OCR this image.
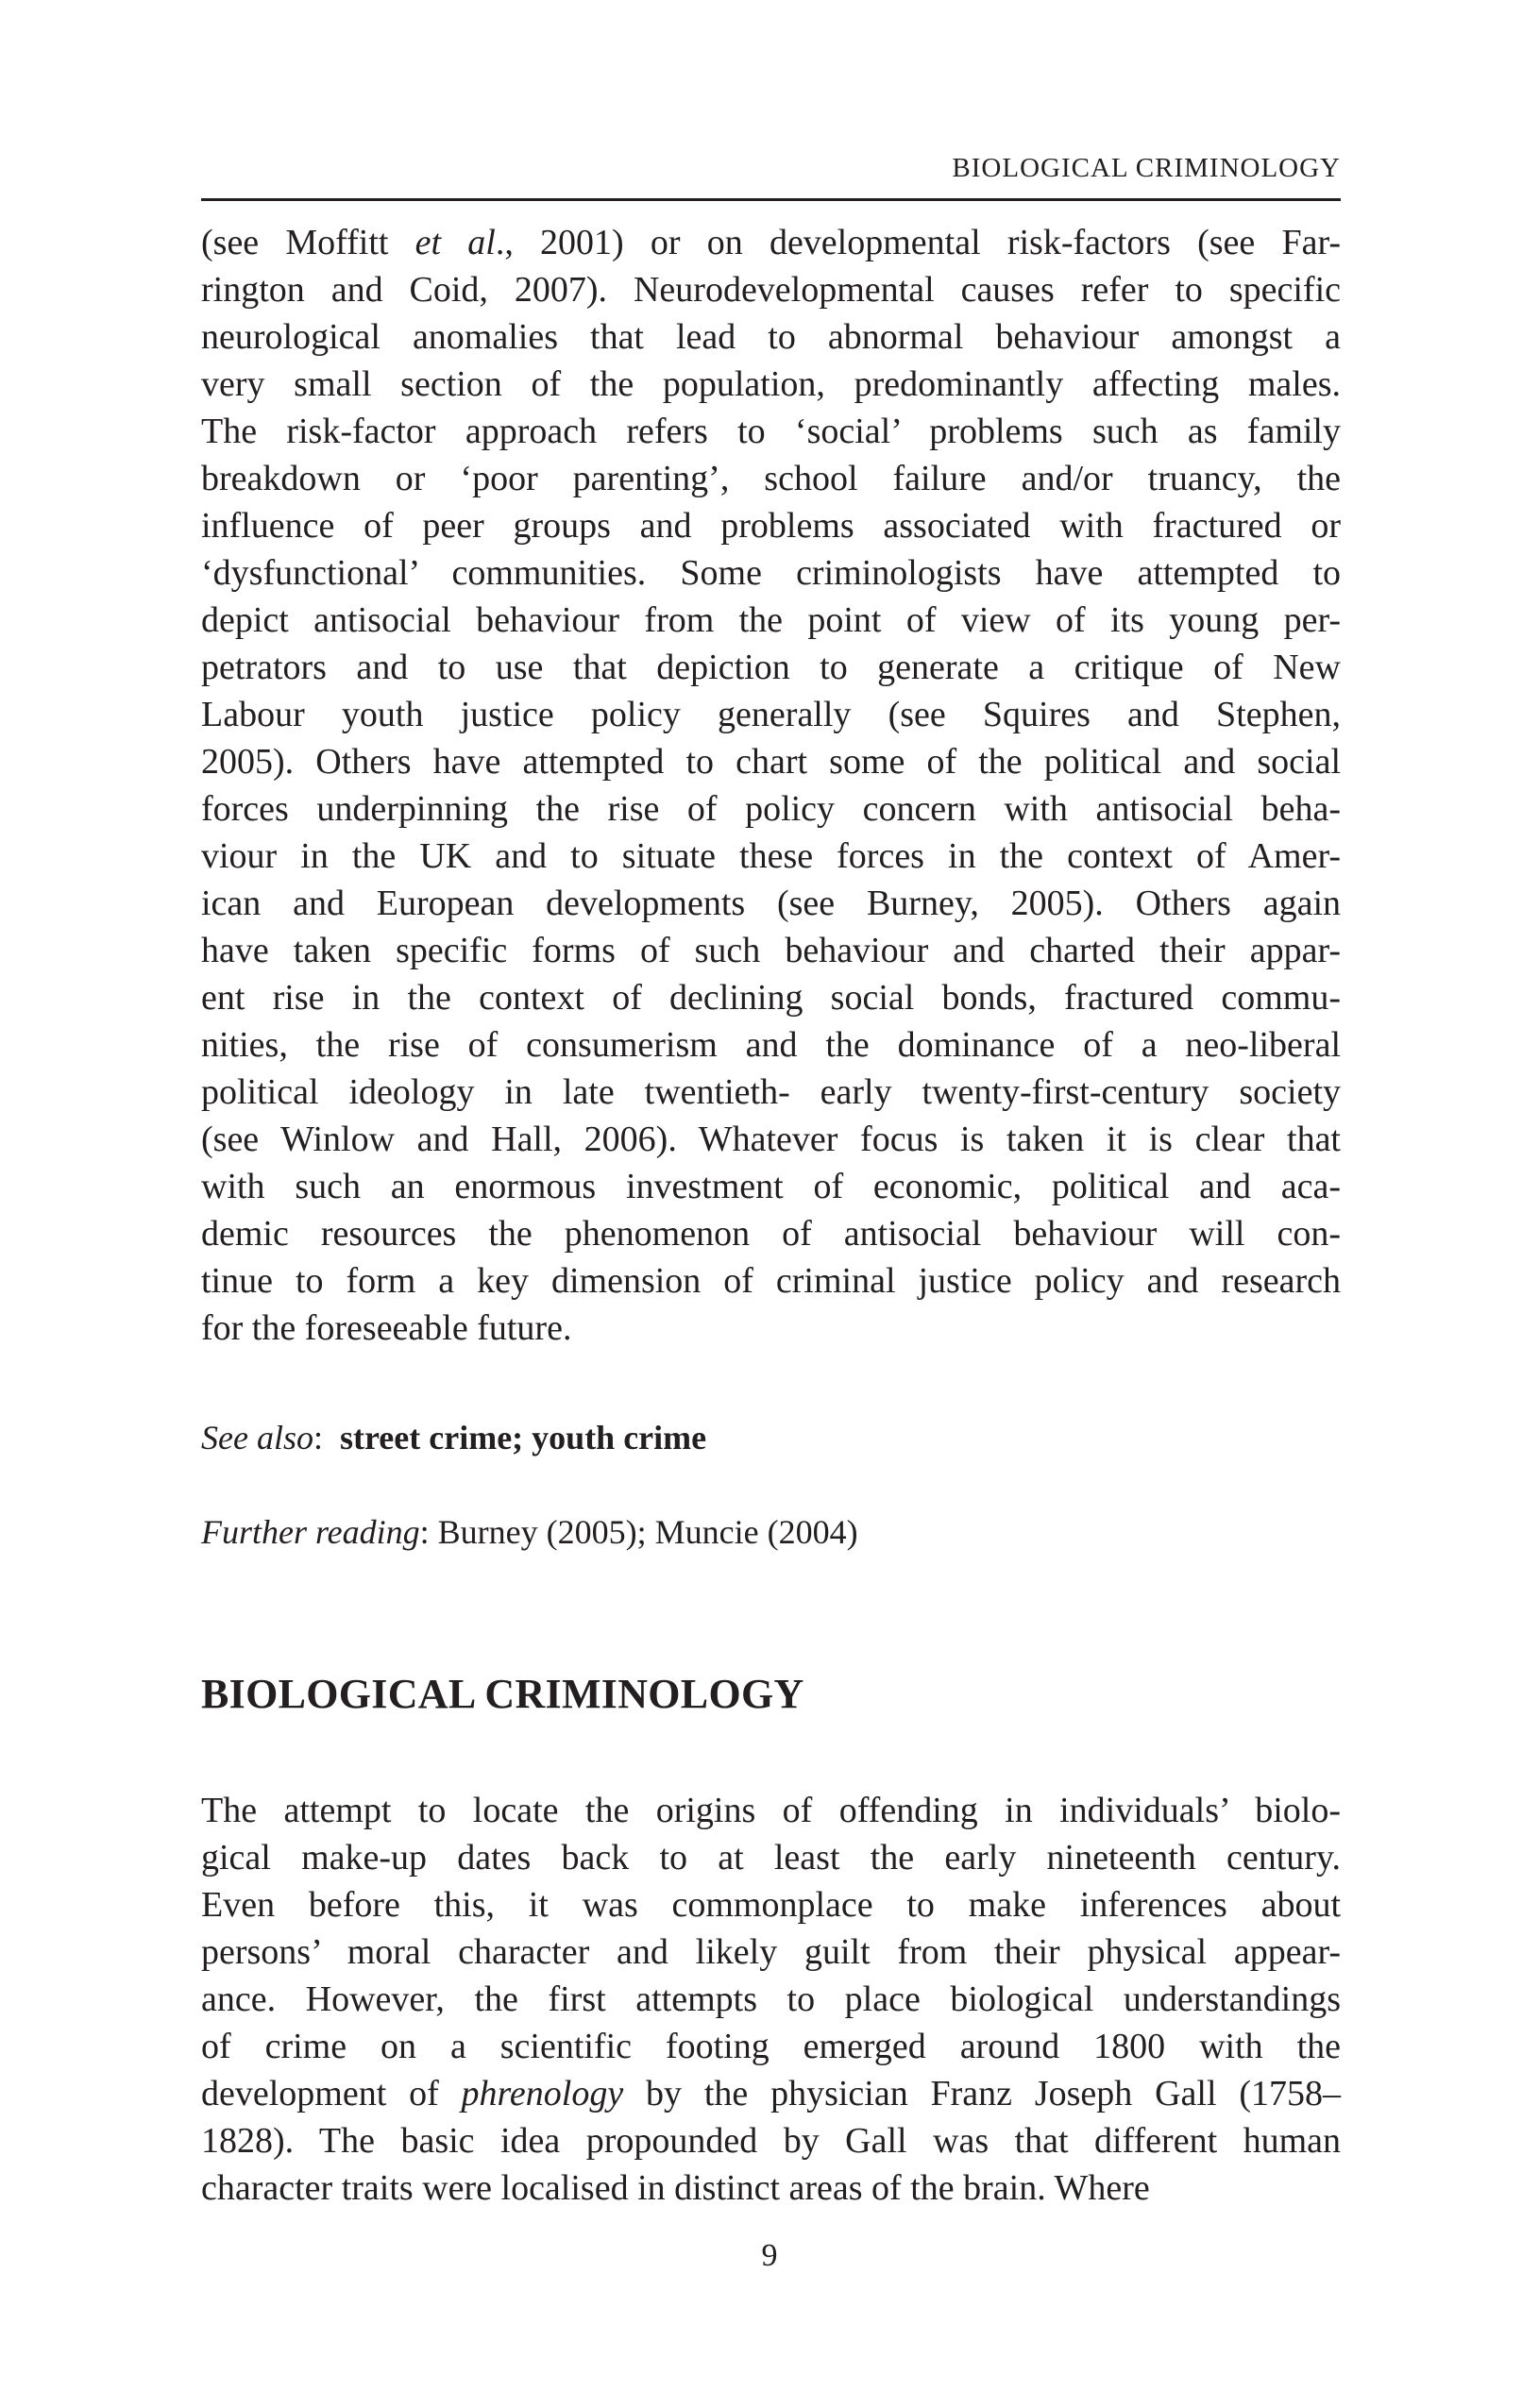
BIOLOGICAL CRIMINOLOGY
(see Moffitt et al., 2001) or on developmental risk-factors (see Far-
rington and Coid, 2007). Neurodevelopmental causes refer to specific
neurological anomalies that lead to abnormal behaviour amongst a
very small section of the population, predominantly affecting males.
The risk-factor approach refers to ‘social’ problems such as family
breakdown or ‘poor parenting’, school failure and/or truancy, the
influence of peer groups and problems associated with fractured or
‘dysfunctional’ communities. Some criminologists have attempted to
depict antisocial behaviour from the point of view of its young per-
petrators and to use that depiction to generate a critique of New
Labour youth justice policy generally (see Squires and Stephen,
2005). Others have attempted to chart some of the political and social
forces underpinning the rise of policy concern with antisocial beha-
viour in the UK and to situate these forces in the context of Amer-
ican and European developments (see Burney, 2005). Others again
have taken specific forms of such behaviour and charted their appar-
ent rise in the context of declining social bonds, fractured commu-
nities, the rise of consumerism and the dominance of a neo-liberal
political ideology in late twentieth- early twenty-first-century society
(see Winlow and Hall, 2006). Whatever focus is taken it is clear that
with such an enormous investment of economic, political and aca-
demic resources the phenomenon of antisocial behaviour will con-
tinue to form a key dimension of criminal justice policy and research
for the foreseeable future.

See also: street crime; youth crime

Further reading: Burney (2005); Muncie (2004)

BIOLOGICAL CRIMINOLOGY
The attempt to locate the origins of offending in individuals’ biolo-
gical make-up dates back to at least the early nineteenth century.
Even before this, it was commonplace to make inferences about
persons’ moral character and likely guilt from their physical appear-
ance. However, the first attempts to place biological understandings
of crime on a scientific footing emerged around 1800 with the
development of phrenology by the physician Franz Joseph Gall (1758–
1828). The basic idea propounded by Gall was that different human
character traits were localised in distinct areas of the brain. Where
9
